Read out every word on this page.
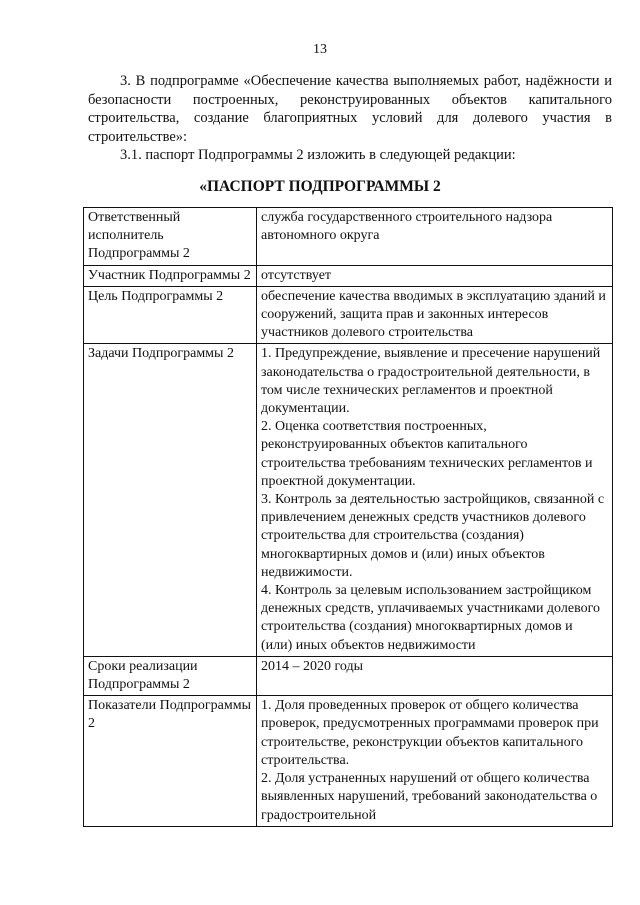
13

3. В подпрограмме «Обеспечение качества выполняемых работ, надёжности и безопасности построенных, реконструированных объектов капитального строительства, создание благоприятных условий для долевого участия в строительстве»:

3.1. паспорт Подпрограммы 2 изложить в следующей редакции:

«ПАСПОРТ ПОДПРОГРАММЫ 2
Ответственный исполнитель Подпрограммы 2	служба государственного строительного надзора автономного округа

Участник Подпрограммы 2	отсутствует

Цель Подпрограммы 2	обеспечение качества вводимых в эксплуатацию зданий и сооружений, защита прав и законных интересов участников долевого строительства

Задачи Подпрограммы 2	1. Предупреждение, выявление и пресечение нарушений законодательства о градостроительной деятельности, в том числе технических регламентов и проектной документации.
2. Оценка соответствия построенных, реконструированных объектов капитального строительства требованиям технических регламентов и проектной документации.
3. Контроль за деятельностью застройщиков, связанной с привлечением денежных средств участников долевого строительства для строительства (создания) многоквартирных домов и (или) иных объектов недвижимости.
4. Контроль за целевым использованием застройщиком денежных средств, уплачиваемых участниками долевого строительства (создания) многоквартирных домов и (или) иных объектов недвижимости

Сроки реализации Подпрограммы 2	2014 – 2020 годы

Показатели Подпрограммы 2	1. Доля проведенных проверок от общего количества проверок, предусмотренных программами проверок при строительстве, реконструкции объектов капитального строительства.
2. Доля устраненных нарушений от общего количества выявленных нарушений, требований законодательства о градостроительной
